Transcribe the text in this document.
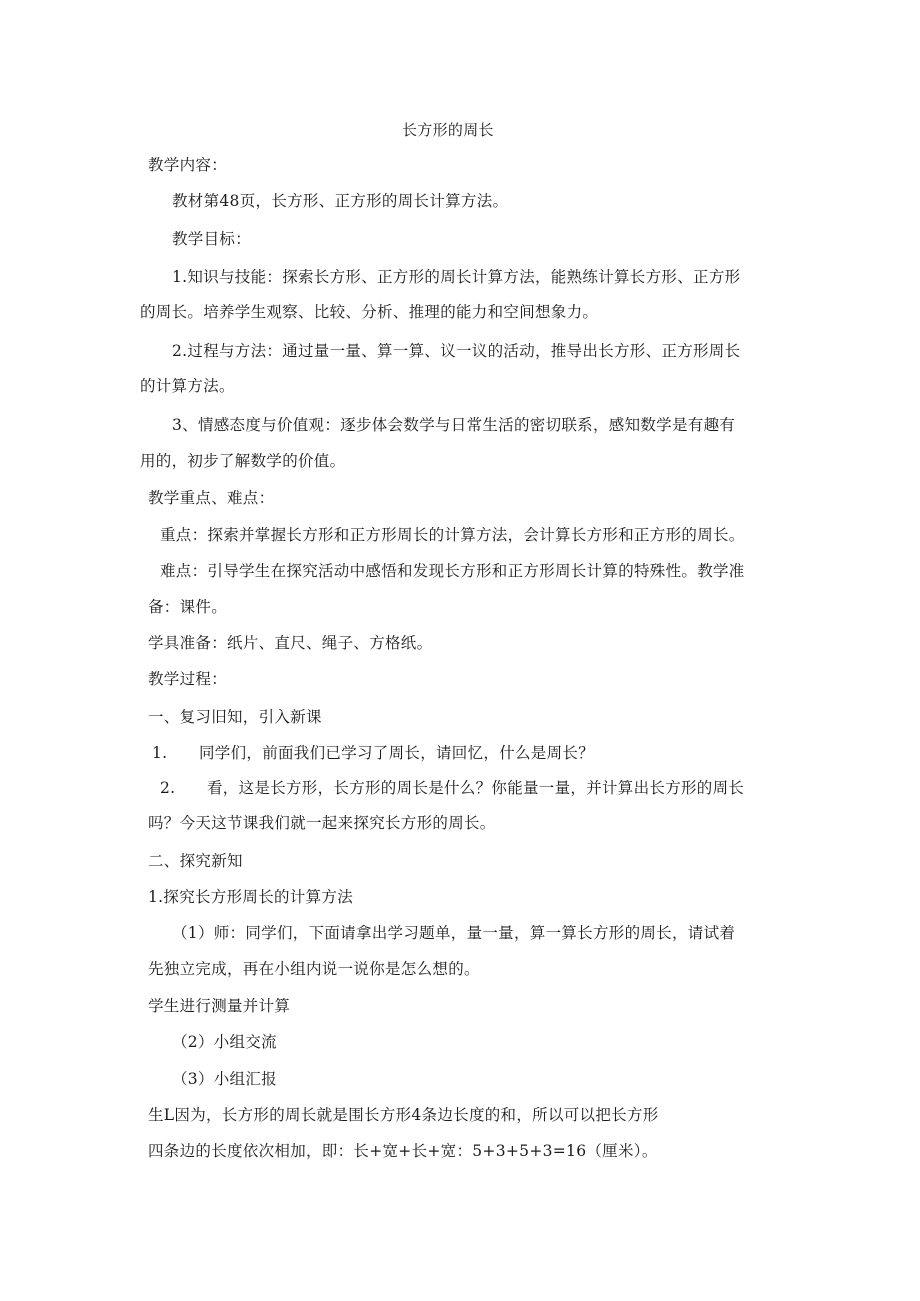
长方形的周长
教学内容：
教材第48页，长方形、正方形的周长计算方法。
教学目标：
1.知识与技能：探索长方形、正方形的周长计算方法，能熟练计算长方形、正方形
的周长。培养学生观察、比较、分析、推理的能力和空间想象力。
2.过程与方法：通过量一量、算一算、议一议的活动，推导出长方形、正方形周长
的计算方法。
3、情感态度与价值观：逐步体会数学与日常生活的密切联系，感知数学是有趣有
用的，初步了解数学的价值。
教学重点、难点：
重点：探索并掌握长方形和正方形周长的计算方法，会计算长方形和正方形的周长。
难点：引导学生在探究活动中感悟和发现长方形和正方形周长计算的特殊性。教学准
备：课件。
学具准备：纸片、直尺、绳子、方格纸。
教学过程：
一、复习旧知，引入新课
1.　　同学们，前面我们已学习了周长，请回忆，什么是周长？
2.　　看，这是长方形，长方形的周长是什么？你能量一量，并计算出长方形的周长
吗？今天这节课我们就一起来探究长方形的周长。
二、探究新知
1.探究长方形周长的计算方法
（1）师：同学们，下面请拿出学习题单，量一量，算一算长方形的周长，请试着
先独立完成，再在小组内说一说你是怎么想的。
学生进行测量并计算
（2）小组交流
（3）小组汇报
生L因为，长方形的周长就是围长方形4条边长度的和，所以可以把长方形
四条边的长度依次相加，即：长+宽+长+宽：5+3+5+3=16（厘米）。
